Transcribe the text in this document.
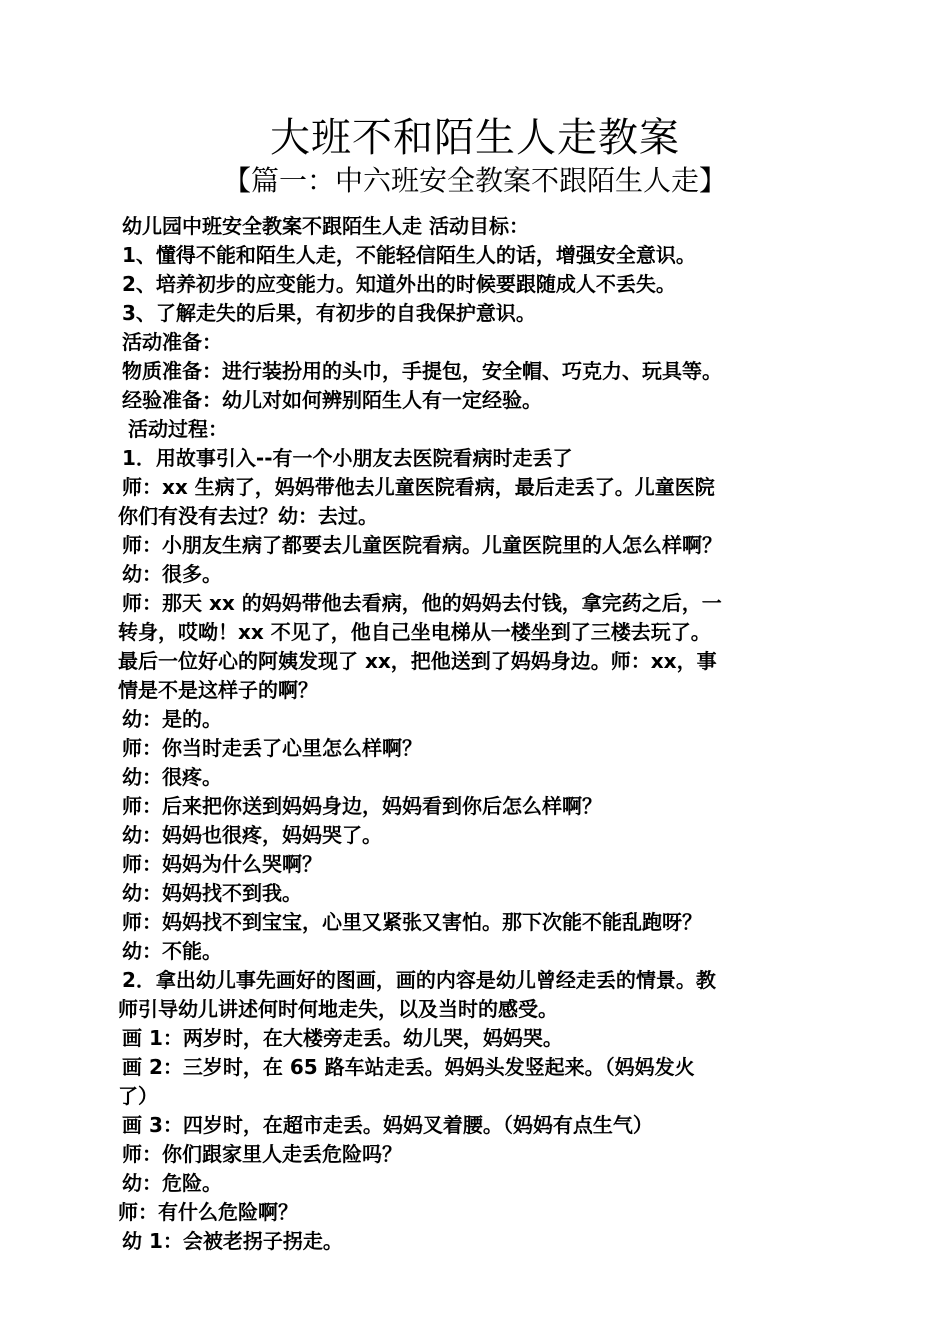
大班不和陌生人走教案
【篇一：中六班安全教案不跟陌生人走】
幼儿园中班安全教案不跟陌生人走 活动目标：
1、懂得不能和陌生人走，不能轻信陌生人的话，增强安全意识。
2、培养初步的应变能力。知道外出的时候要跟随成人不丢失。
3、了解走失的后果，有初步的自我保护意识。
活动准备：
物质准备：进行装扮用的头巾，手提包，安全帽、巧克力、玩具等。
经验准备：幼儿对如何辨别陌生人有一定经验。
活动过程：
1．用故事引入--有一个小朋友去医院看病时走丢了
师：xx 生病了，妈妈带他去儿童医院看病，最后走丢了。儿童医院
你们有没有去过？幼：去过。
师：小朋友生病了都要去儿童医院看病。儿童医院里的人怎么样啊？
幼：很多。
师：那天 xx 的妈妈带他去看病，他的妈妈去付钱，拿完药之后，一
转身，哎呦！xx 不见了，他自己坐电梯从一楼坐到了三楼去玩了。
最后一位好心的阿姨发现了 xx，把他送到了妈妈身边。师：xx，事
情是不是这样子的啊？
幼：是的。
师：你当时走丢了心里怎么样啊？
幼：很疼。
师：后来把你送到妈妈身边，妈妈看到你后怎么样啊？
幼：妈妈也很疼，妈妈哭了。
师：妈妈为什么哭啊？
幼：妈妈找不到我。
师：妈妈找不到宝宝，心里又紧张又害怕。那下次能不能乱跑呀？
幼：不能。
2．拿出幼儿事先画好的图画，画的内容是幼儿曾经走丢的情景。教
师引导幼儿讲述何时何地走失，以及当时的感受。
画 1：两岁时，在大楼旁走丢。幼儿哭，妈妈哭。
画 2：三岁时，在 65 路车站走丢。妈妈头发竖起来。（妈妈发火
了）
画 3：四岁时，在超市走丢。妈妈叉着腰。（妈妈有点生气）
师：你们跟家里人走丢危险吗？
幼：危险。
师：有什么危险啊？
幼 1：会被老拐子拐走。
